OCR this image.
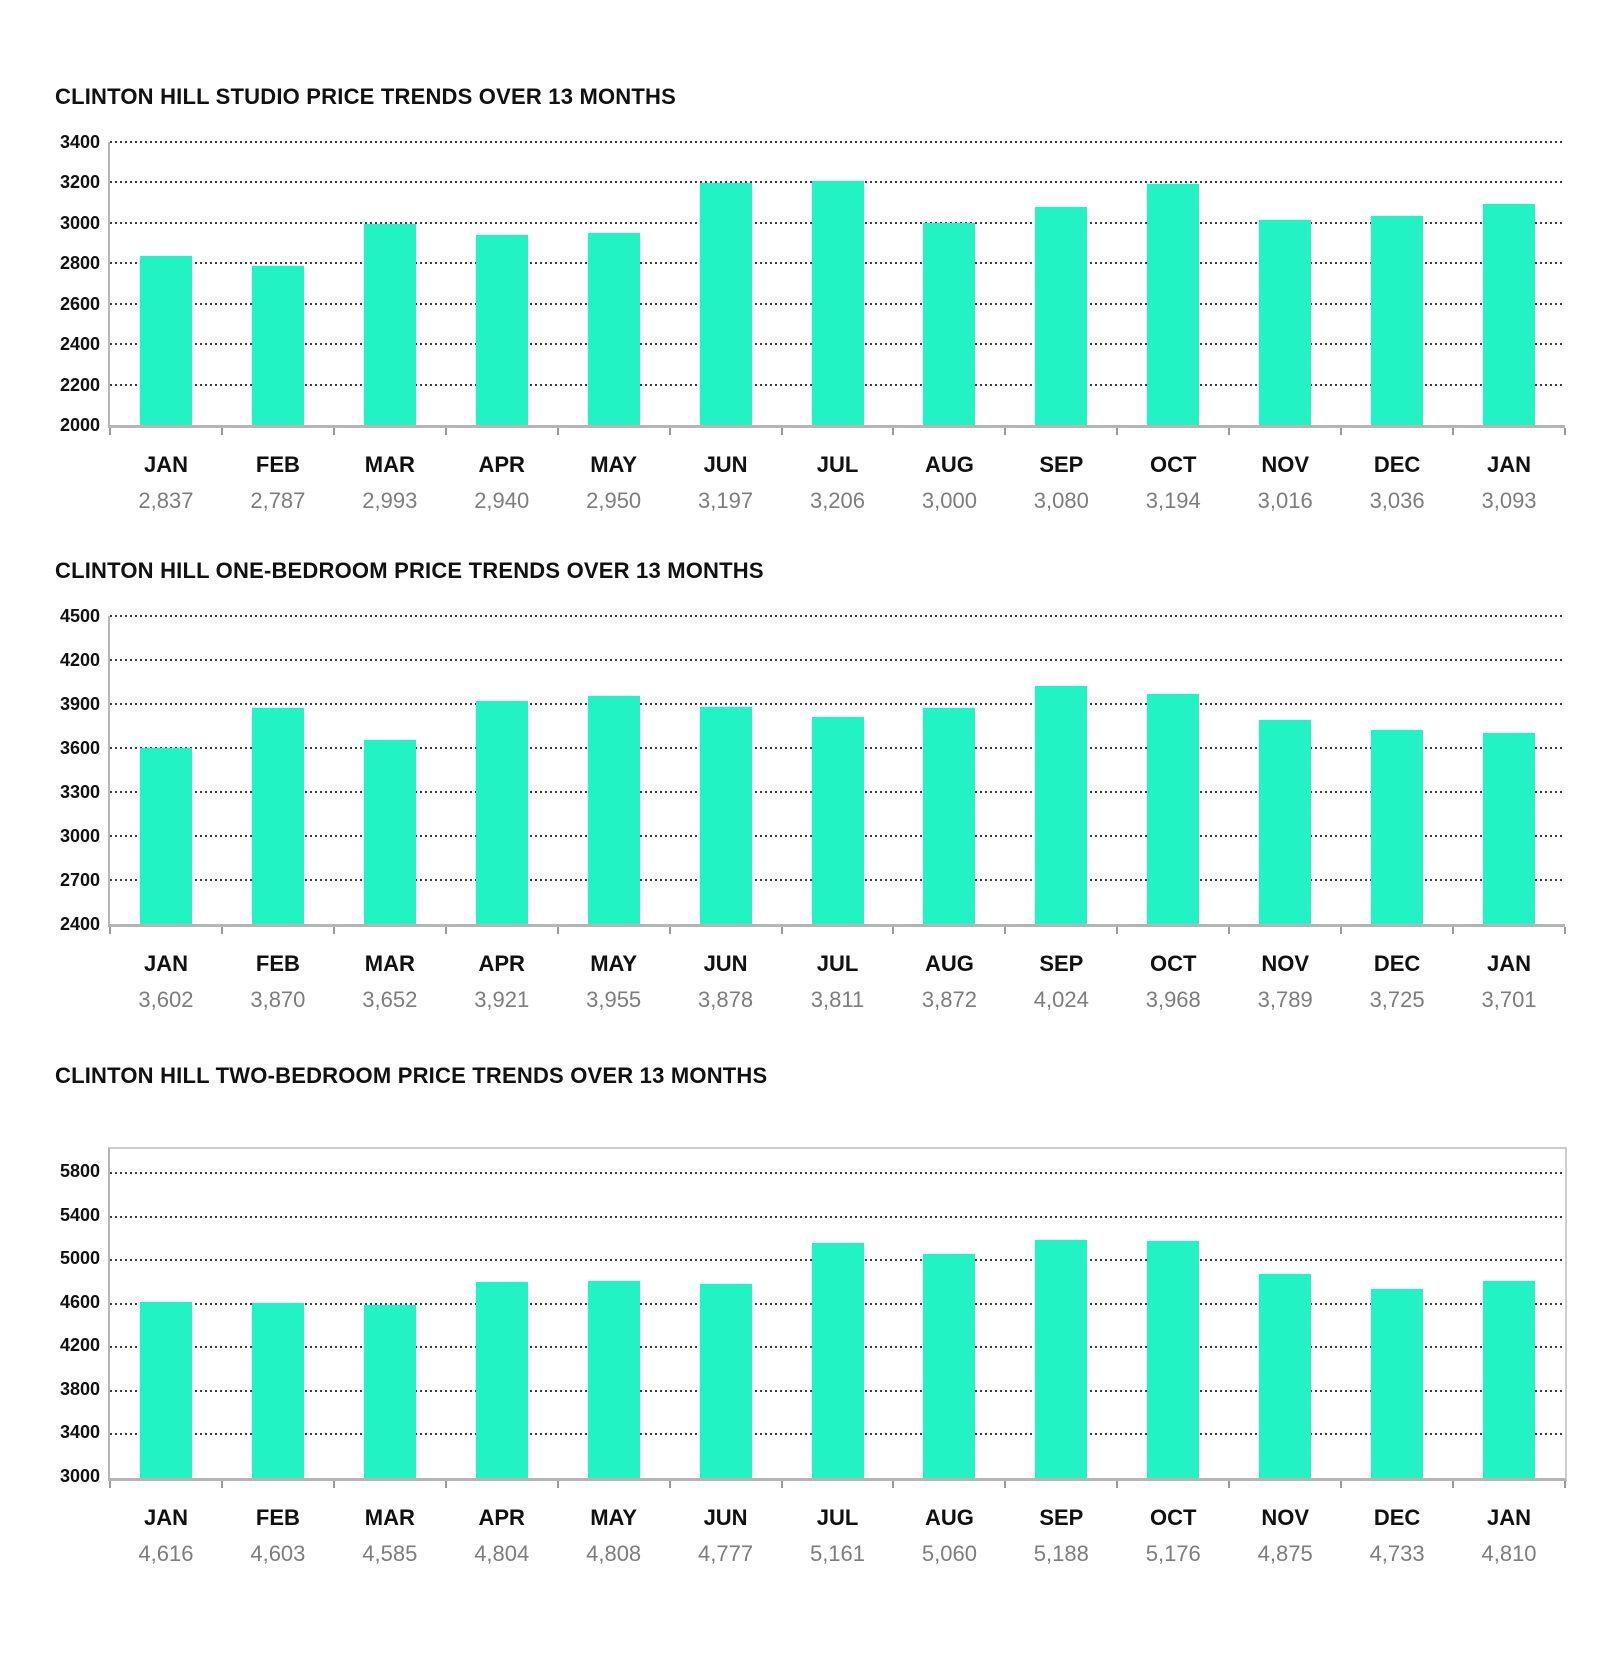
CLINTON HILL STUDIO PRICE TRENDS OVER 13 MONTHS
2000
2200
2400
2600
2800
3000
3200
3400
JAN	FEB	MAR	APR	MAY	JUN	JUL	AUG	SEP	OCT	NOV	DEC	JAN
2,837	2,787	2,993	2,940	2,950	3,197	3,206	3,000	3,080	3,194	3,016	3,036	3,093
CLINTON HILL ONE-BEDROOM PRICE TRENDS OVER 13 MONTHS
2400
2700
3000
3300
3600
3900
4200
4500
JAN	FEB	MAR	APR	MAY	JUN	JUL	AUG	SEP	OCT	NOV	DEC	JAN
3,602	3,870	3,652	3,921	3,955	3,878	3,811	3,872	4,024	3,968	3,789	3,725	3,701
CLINTON HILL TWO-BEDROOM PRICE TRENDS OVER 13 MONTHS
3000
3400
3800
4200
4600
5000
5400
5800
JAN	FEB	MAR	APR	MAY	JUN	JUL	AUG	SEP	OCT	NOV	DEC	JAN
4,616	4,603	4,585	4,804	4,808	4,777	5,161	5,060	5,188	5,176	4,875	4,733	4,810
